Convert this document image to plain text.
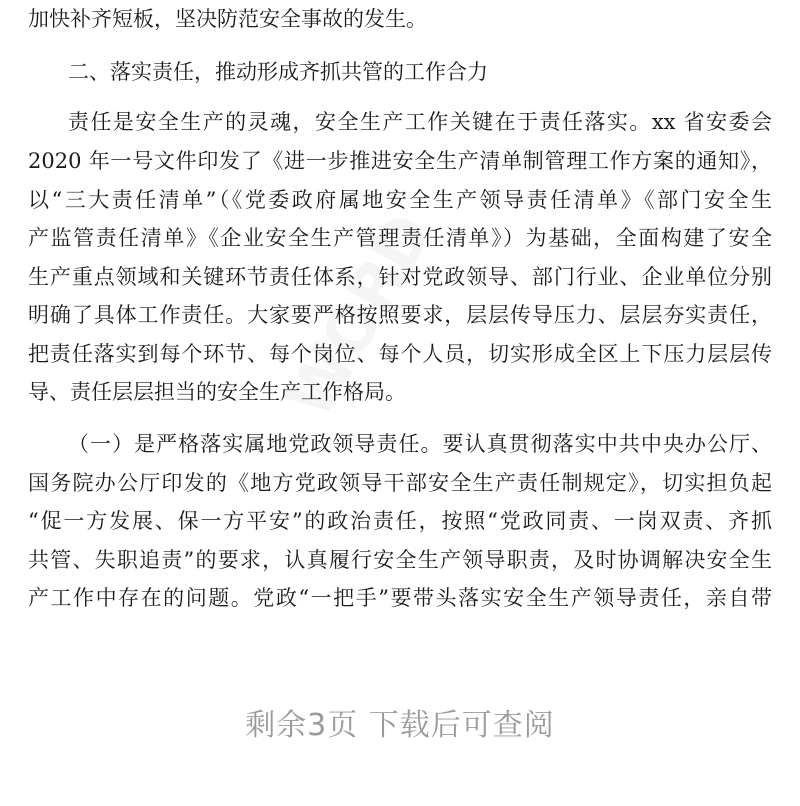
加快补齐短板，坚决防范安全事故的发生。
二、落实责任，推动形成齐抓共管的工作合力
责任是安全生产的灵魂，安全生产工作关键在于责任落实。xx 省安委会
2020 年一号文件印发了《进一步推进安全生产清单制管理工作方案的通知》，
以“三大责任清单”（《党委政府属地安全生产领导责任清单》《部门安全生
产监管责任清单》《企业安全生产管理责任清单》）为基础，全面构建了安全
生产重点领域和关键环节责任体系，针对党政领导、部门行业、企业单位分别
明确了具体工作责任。大家要严格按照要求，层层传导压力、层层夯实责任，
把责任落实到每个环节、每个岗位、每个人员，切实形成全区上下压力层层传
导、责任层层担当的安全生产工作格局。
（一）是严格落实属地党政领导责任。要认真贯彻落实中共中央办公厅、
国务院办公厅印发的《地方党政领导干部安全生产责任制规定》，切实担负起
“促一方发展、保一方平安”的政治责任，按照“党政同责、一岗双责、齐抓
共管、失职追责”的要求，认真履行安全生产领导职责，及时协调解决安全生
产工作中存在的问题。党政“一把手”要带头落实安全生产领导责任，亲自带
剩余3页 下载后可查阅
